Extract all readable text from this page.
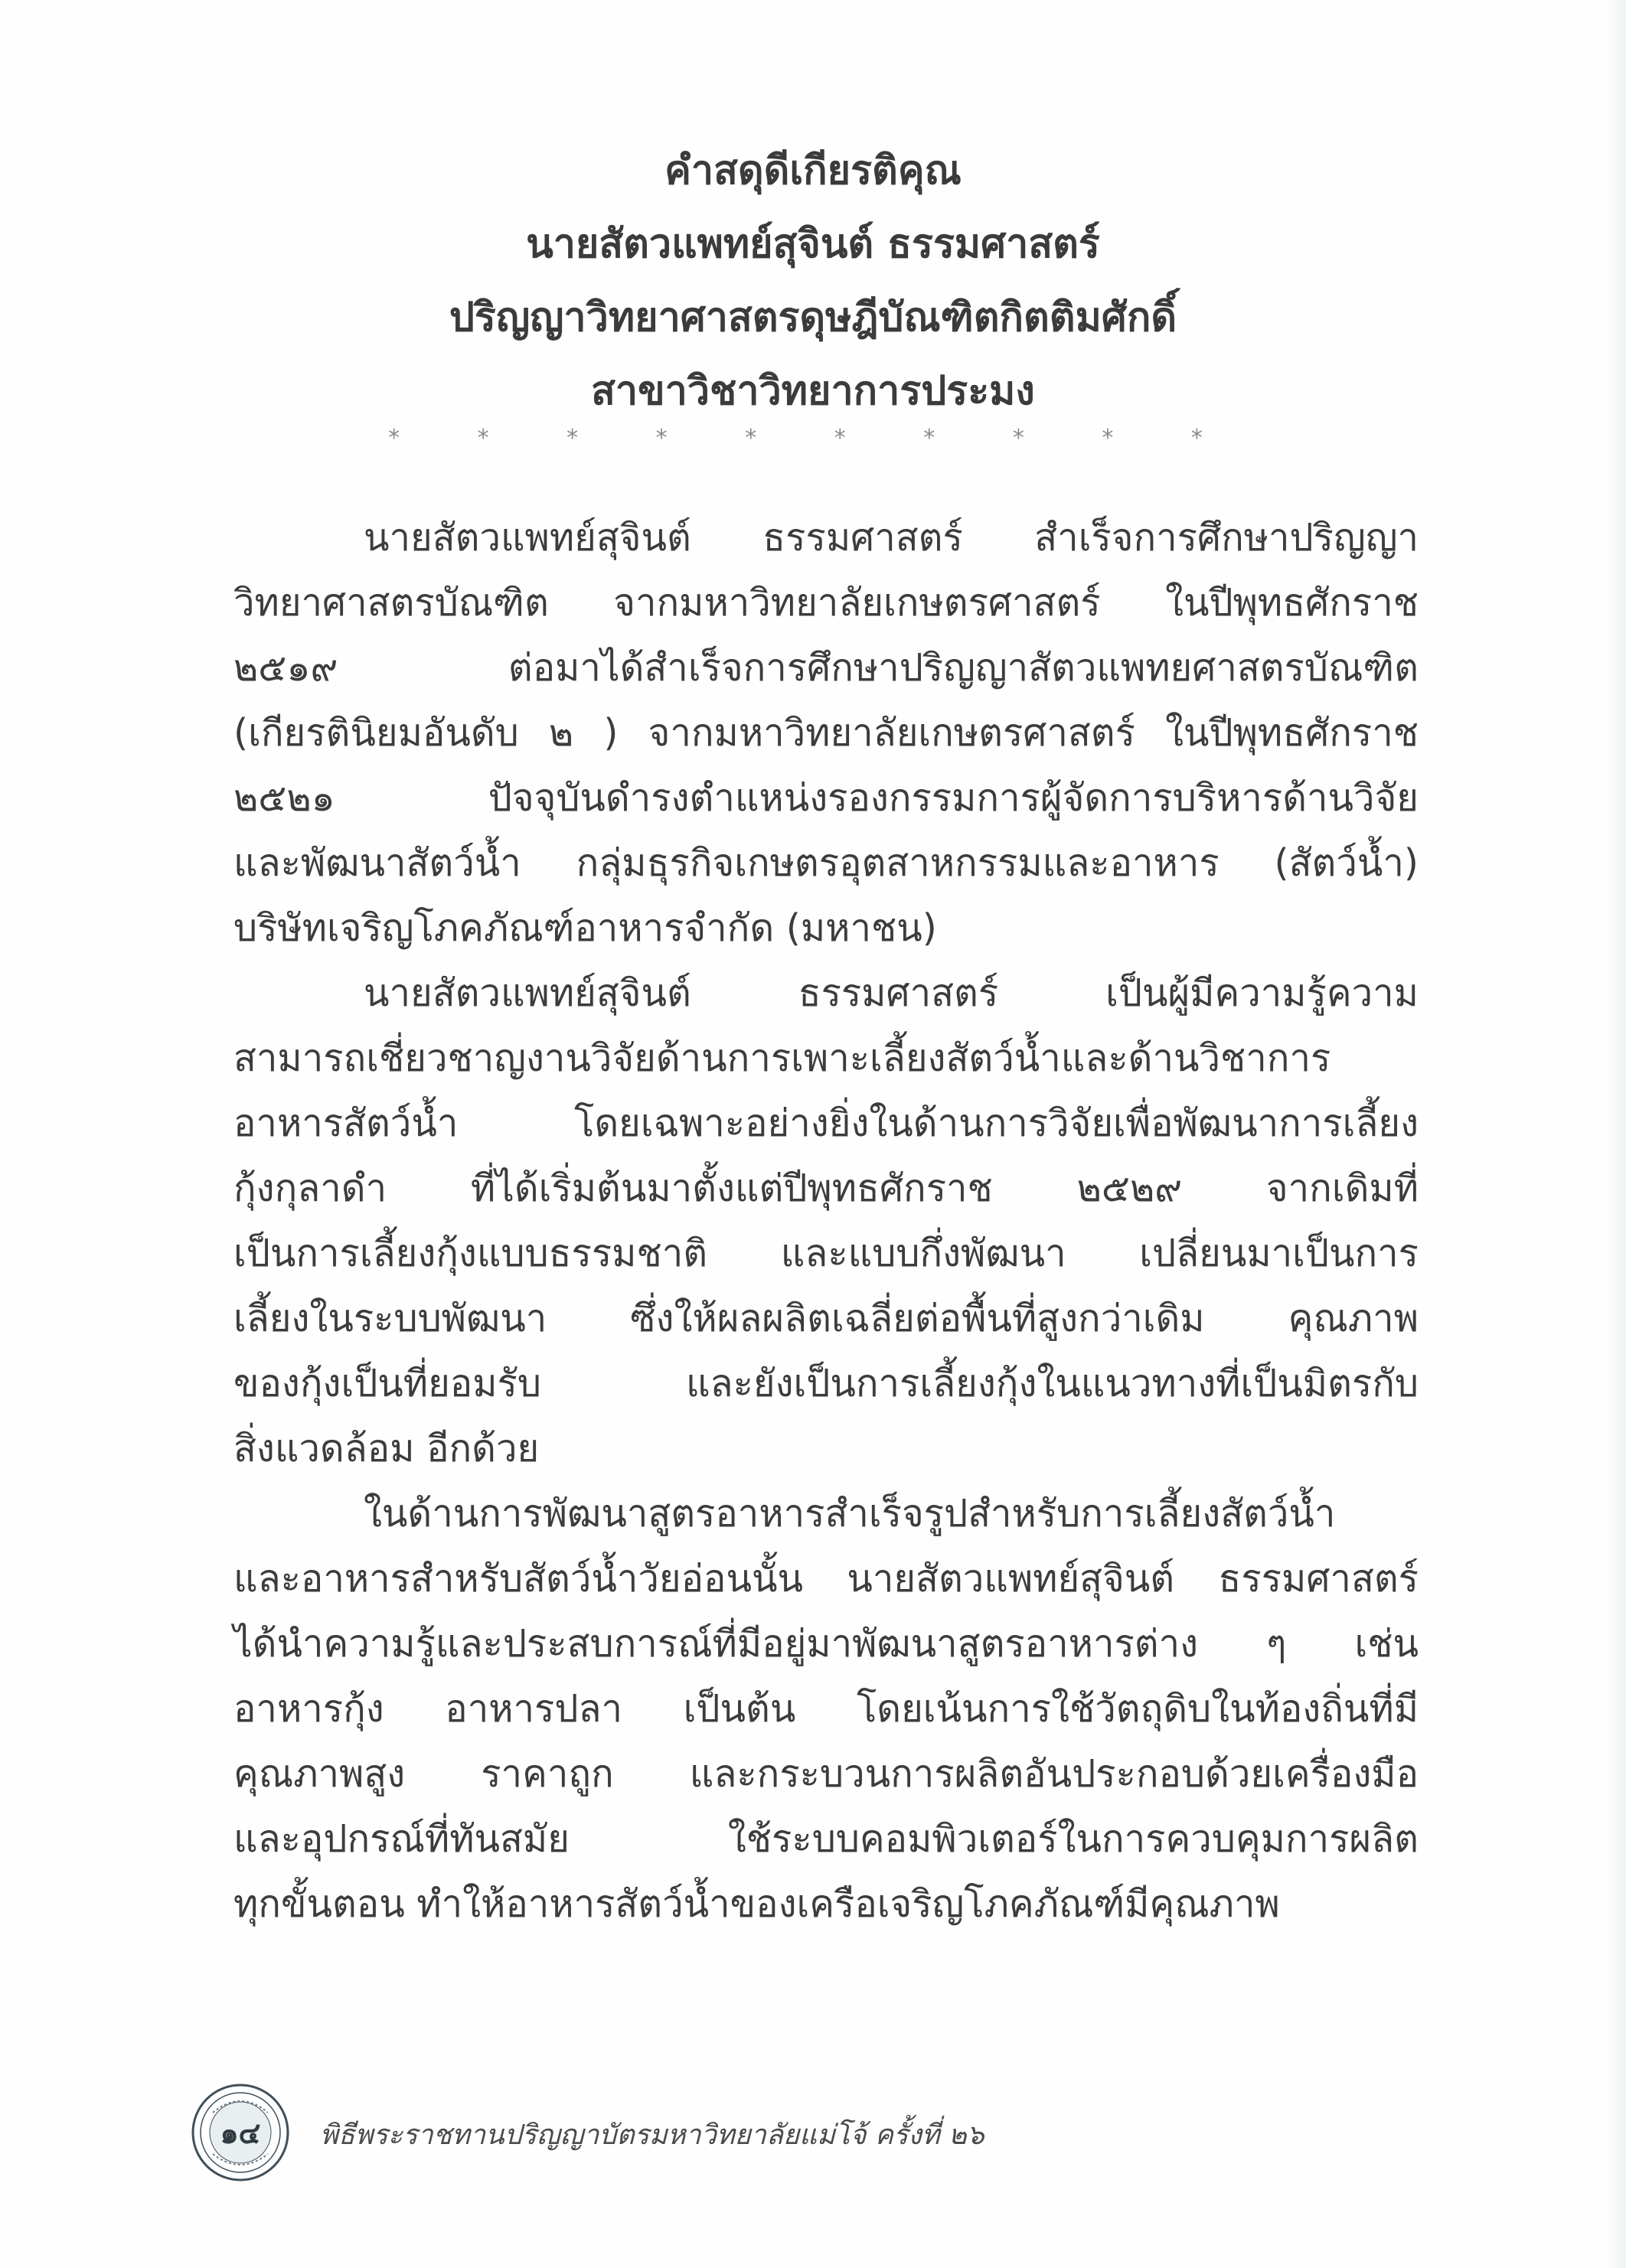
คำสดุดีเกียรติคุณ
นายสัตวแพทย์สุจินต์ ธรรมศาสตร์
ปริญญาวิทยาศาสตรดุษฎีบัณฑิตกิตติมศักดิ์
สาขาวิชาวิทยาการประมง
* * * * * * * * * *
นายสัตวแพทย์สุจินต์ ธรรมศาสตร์ สำเร็จการศึกษาปริญญา
วิทยาศาสตรบัณฑิต จากมหาวิทยาลัยเกษตรศาสตร์ ในปีพุทธศักราช
๒๕๑๙ ต่อมาได้สำเร็จการศึกษาปริญญาสัตวแพทยศาสตรบัณฑิต
(เกียรตินิยมอันดับ ๒ ) จากมหาวิทยาลัยเกษตรศาสตร์ ในปีพุทธศักราช
๒๕๒๑ ปัจจุบันดำรงตำแหน่งรองกรรมการผู้จัดการบริหารด้านวิจัย
และพัฒนาสัตว์น้ำ กลุ่มธุรกิจเกษตรอุตสาหกรรมและอาหาร (สัตว์น้ำ)
บริษัทเจริญโภคภัณฑ์อาหารจำกัด (มหาชน)
นายสัตวแพทย์สุจินต์ ธรรมศาสตร์ เป็นผู้มีความรู้ความ
สามารถเชี่ยวชาญงานวิจัยด้านการเพาะเลี้ยงสัตว์น้ำและด้านวิชาการ
อาหารสัตว์น้ำ โดยเฉพาะอย่างยิ่งในด้านการวิจัยเพื่อพัฒนาการเลี้ยง
กุ้งกุลาดำ ที่ได้เริ่มต้นมาตั้งแต่ปีพุทธศักราช ๒๕๒๙ จากเดิมที่
เป็นการเลี้ยงกุ้งแบบธรรมชาติ และแบบกึ่งพัฒนา เปลี่ยนมาเป็นการ
เลี้ยงในระบบพัฒนา ซึ่งให้ผลผลิตเฉลี่ยต่อพื้นที่สูงกว่าเดิม คุณภาพ
ของกุ้งเป็นที่ยอมรับ และยังเป็นการเลี้ยงกุ้งในแนวทางที่เป็นมิตรกับ
สิ่งแวดล้อม อีกด้วย
ในด้านการพัฒนาสูตรอาหารสำเร็จรูปสำหรับการเลี้ยงสัตว์น้ำ
และอาหารสำหรับสัตว์น้ำวัยอ่อนนั้น นายสัตวแพทย์สุจินต์ ธรรมศาสตร์
ได้นำความรู้และประสบการณ์ที่มีอยู่มาพัฒนาสูตรอาหารต่าง ๆ เช่น
อาหารกุ้ง อาหารปลา เป็นต้น โดยเน้นการใช้วัตถุดิบในท้องถิ่นที่มี
คุณภาพสูง ราคาถูก และกระบวนการผลิตอันประกอบด้วยเครื่องมือ
และอุปกรณ์ที่ทันสมัย ใช้ระบบคอมพิวเตอร์ในการควบคุมการผลิต
ทุกขั้นตอน ทำให้อาหารสัตว์น้ำของเครือเจริญโภคภัณฑ์มีคุณภาพ
๑๔ พิธีพระราชทานปริญญาบัตรมหาวิทยาลัยแม่โจ้ ครั้งที่ ๒๖
